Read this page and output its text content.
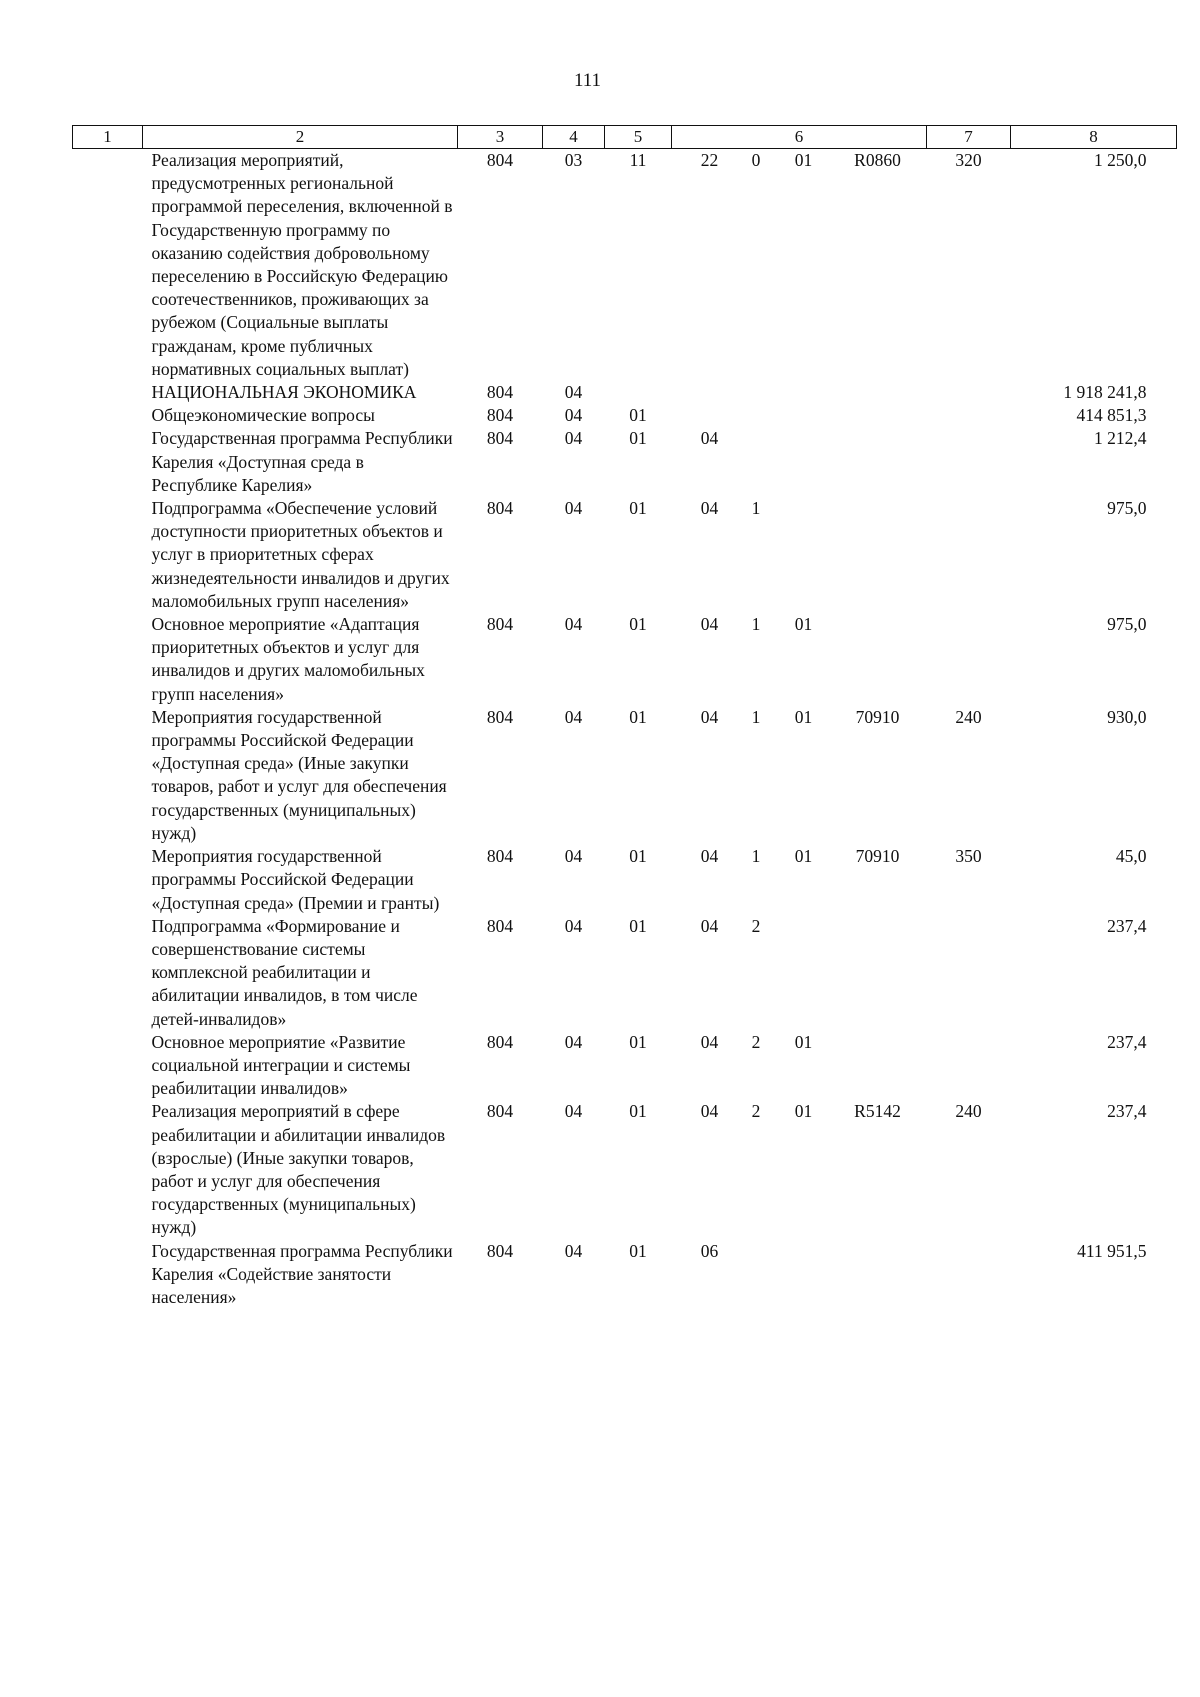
111
1	2	3	4	5	6				7	8
	Реализация мероприятий, предусмотренных региональной программой переселения, включенной в Государственную программу по оказанию содействия добровольному переселению в Российскую Федерацию соотечественников, проживающих за рубежом (Социальные выплаты гражданам, кроме публичных нормативных социальных выплат)	804	03	11	22	0	01	R0860	320	1 250,0
	НАЦИОНАЛЬНАЯ ЭКОНОМИКА	804	04							1 918 241,8
	Общеэкономические вопросы	804	04	01						414 851,3
	Государственная программа Республики Карелия «Доступная среда в Республике Карелия»	804	04	01	04					1 212,4
	Подпрограмма «Обеспечение условий доступности приоритетных объектов и услуг в приоритетных сферах жизнедеятельности инвалидов и других маломобильных групп населения»	804	04	01	04	1				975,0
	Основное мероприятие «Адаптация приоритетных объектов и услуг для инвалидов и других маломобильных групп населения»	804	04	01	04	1	01			975,0
	Мероприятия государственной программы Российской Федерации «Доступная среда» (Иные закупки товаров, работ и услуг для обеспечения государственных (муниципальных) нужд)	804	04	01	04	1	01	70910	240	930,0
	Мероприятия государственной программы Российской Федерации «Доступная среда» (Премии и гранты)	804	04	01	04	1	01	70910	350	45,0
	Подпрограмма «Формирование и совершенствование системы комплексной реабилитации и абилитации инвалидов, в том числе детей-инвалидов»	804	04	01	04	2				237,4
	Основное мероприятие «Развитие социальной интеграции и системы реабилитации инвалидов»	804	04	01	04	2	01			237,4
	Реализация мероприятий в сфере реабилитации и абилитации инвалидов (взрослые) (Иные закупки товаров, работ и услуг для обеспечения государственных (муниципальных) нужд)	804	04	01	04	2	01	R5142	240	237,4
	Государственная программа Республики Карелия «Содействие занятости населения»	804	04	01	06					411 951,5
